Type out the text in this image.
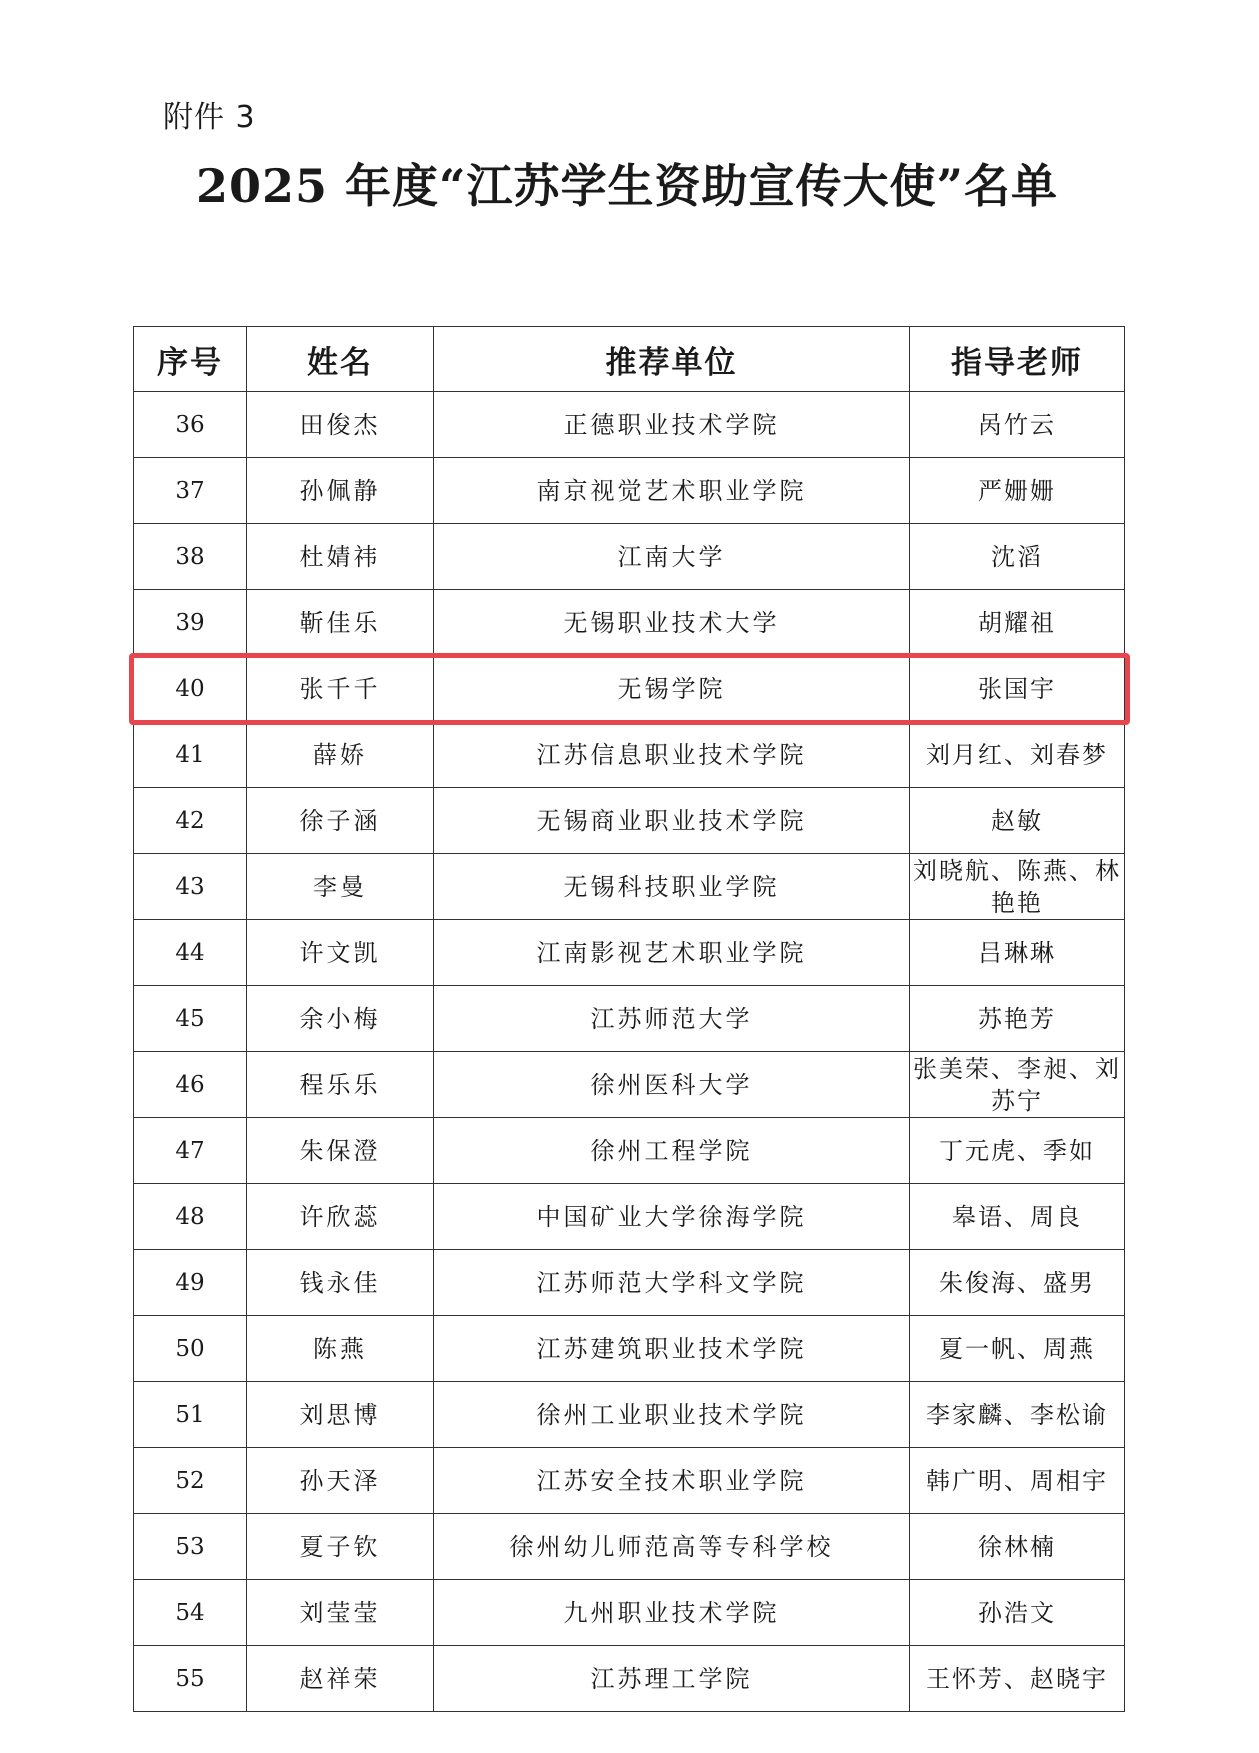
附件 3
2025 年度“江苏学生资助宣传大使”名单
序号	姓名	推荐单位	指导老师
36	田俊杰	正德职业技术学院	呙竹云
37	孙佩静	南京视觉艺术职业学院	严姗姗
38	杜婧祎	江南大学	沈滔
39	靳佳乐	无锡职业技术大学	胡耀祖
40	张千千	无锡学院	张国宇
41	薛娇	江苏信息职业技术学院	刘月红、刘春梦
42	徐子涵	无锡商业职业技术学院	赵敏
43	李曼	无锡科技职业学院	刘晓航、陈燕、林艳艳
44	许文凯	江南影视艺术职业学院	吕琳琳
45	余小梅	江苏师范大学	苏艳芳
46	程乐乐	徐州医科大学	张美荣、李昶、刘苏宁
47	朱保澄	徐州工程学院	丁元虎、季如
48	许欣蕊	中国矿业大学徐海学院	皋语、周良
49	钱永佳	江苏师范大学科文学院	朱俊海、盛男
50	陈燕	江苏建筑职业技术学院	夏一帆、周燕
51	刘思博	徐州工业职业技术学院	李家麟、李松谕
52	孙天泽	江苏安全技术职业学院	韩广明、周相宇
53	夏子钦	徐州幼儿师范高等专科学校	徐林楠
54	刘莹莹	九州职业技术学院	孙浩文
55	赵祥荣	江苏理工学院	王怀芳、赵晓宇
